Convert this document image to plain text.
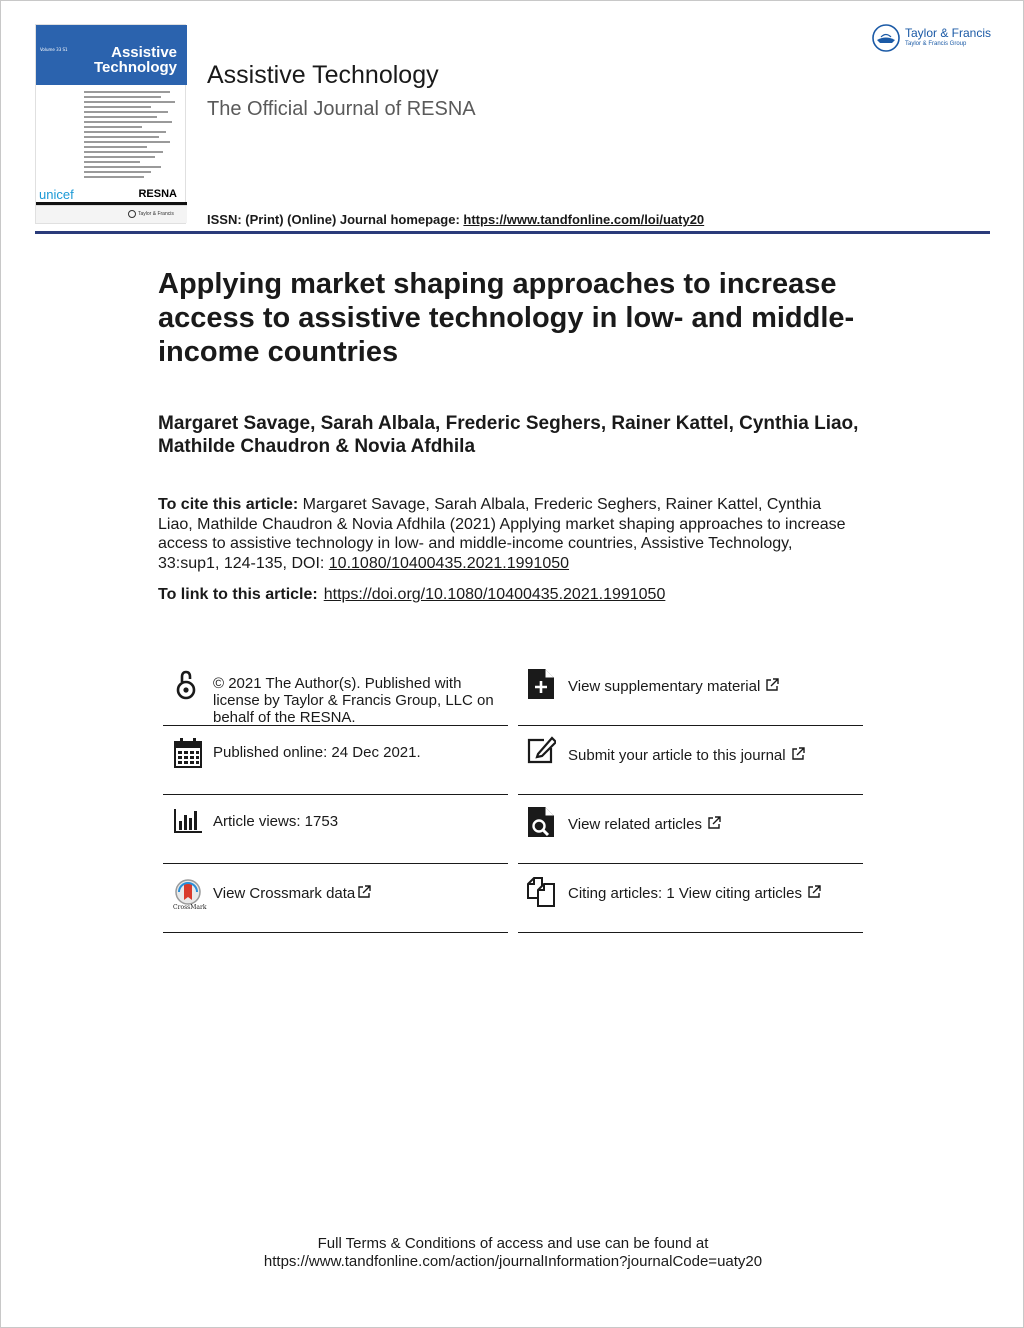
Volume 33 S1	Assistive
Technology
unicef	RESNA
Taylor & Francis
Taylor & Francis
Taylor & Francis Group
Assistive Technology
The Official Journal of RESNA
ISSN: (Print) (Online) Journal homepage: https://www.tandfonline.com/loi/uaty20
Applying market shaping approaches to increase access to assistive technology in low- and middle-income countries
Margaret Savage, Sarah Albala, Frederic Seghers, Rainer Kattel, Cynthia Liao, Mathilde Chaudron & Novia Afdhila
To cite this article: Margaret Savage, Sarah Albala, Frederic Seghers, Rainer Kattel, Cynthia Liao, Mathilde Chaudron & Novia Afdhila (2021) Applying market shaping approaches to increase access to assistive technology in low- and middle-income countries, Assistive Technology, 33:sup1, 124-135, DOI: 10.1080/10400435.2021.1991050
To link to this article: https://doi.org/10.1080/10400435.2021.1991050
© 2021 The Author(s). Published with license by Taylor & Francis Group, LLC on behalf of the RESNA.
Published online: 24 Dec 2021.
Article views: 1753
CrossMark
View Crossmark data
View supplementary material
Submit your article to this journal
View related articles
Citing articles: 1 View citing articles
Full Terms & Conditions of access and use can be found at
https://www.tandfonline.com/action/journalInformation?journalCode=uaty20
